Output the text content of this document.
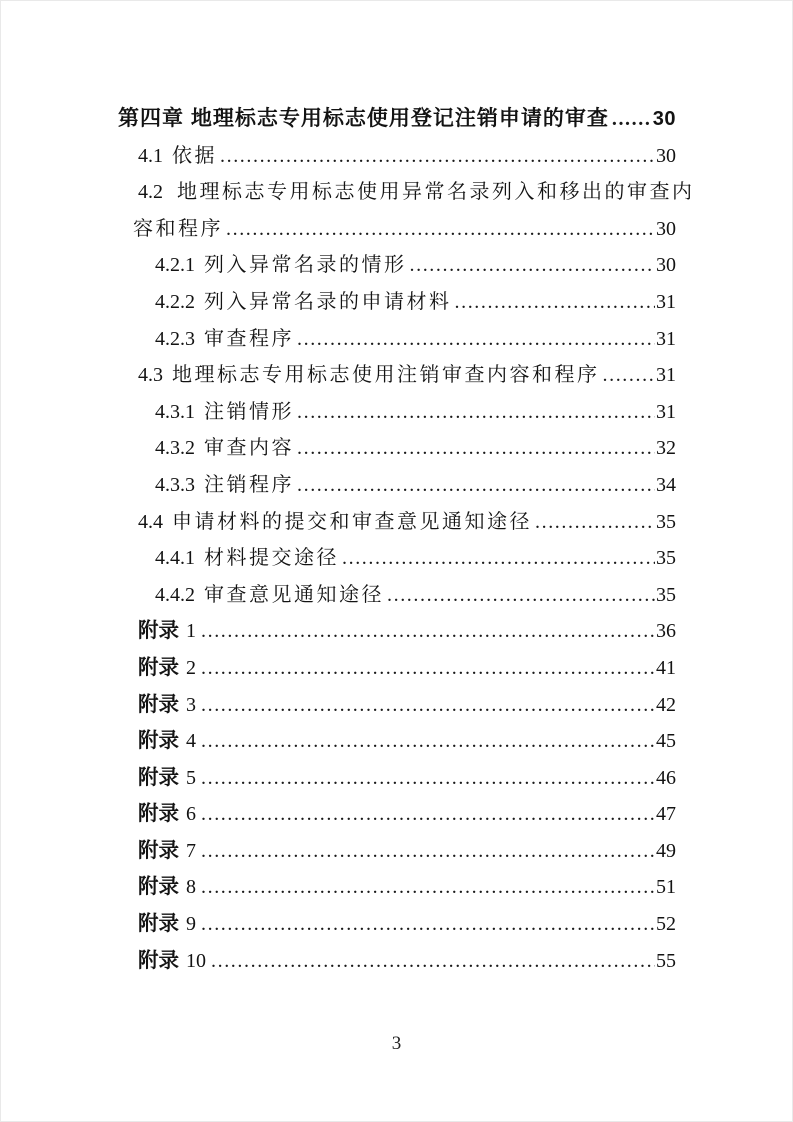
第四章 地理标志专用标志使用登记注销申请的审查 ..... 30
4.1 依据 .....	30
4.2 地理标志专用标志使用异常名录列入和移出的审查内
容和程序 .....	30
4.2.1 列入异常名录的情形 .....	30
4.2.2 列入异常名录的申请材料 .....	31
4.2.3 审查程序 .....	31
4.3 地理标志专用标志使用注销审查内容和程序 .....	31
4.3.1 注销情形 .....	31
4.3.2 审查内容 .....	32
4.3.3 注销程序 .....	34
4.4 申请材料的提交和审查意见通知途径 .....	35
4.4.1 材料提交途径 .....	35
4.4.2 审查意见通知途径 .....	35
附录 1 .....	36
附录 2 .....	41
附录 3 .....	42
附录 4 .....	45
附录 5 .....	46
附录 6 .....	47
附录 7 .....	49
附录 8 .....	51
附录 9 .....	52
附录 10 .....	55
3
